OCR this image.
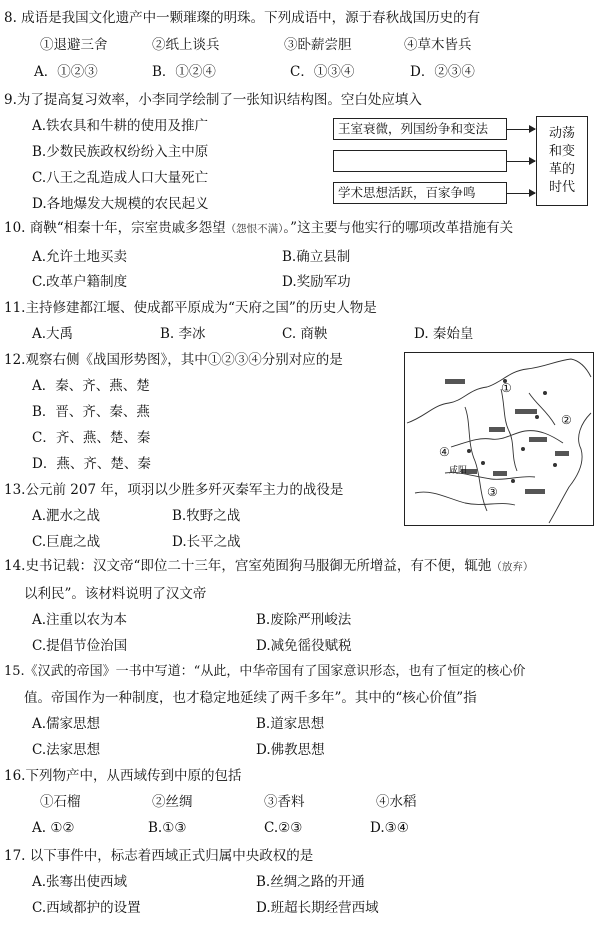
8. 成语是我国文化遗产中一颗璀璨的明珠。下列成语中，源于春秋战国历史的有
①退避三舍	②纸上谈兵	③卧薪尝胆	④草木皆兵
A．①②③	B．①②④	C．①③④	D．②③④
9.为了提高复习效率，小李同学绘制了一张知识结构图。空白处应填入
A.铁农具和牛耕的使用及推广
B.少数民族政权纷纷入主中原
C.八王之乱造成人口大量死亡
D.各地爆发大规模的农民起义
王室衰微，列国纷争和变法
学术思想活跃，百家争鸣
动荡
和变
革的
时代
10. 商鞅“相秦十年，宗室贵戚多怨望（怨恨不满）。”这主要与他实行的哪项改革措施有关
A.允许土地买卖	B.确立县制
C.改革户籍制度	D.奖励军功
11.主持修建都江堰、使成都平原成为“天府之国”的历史人物是
A.大禹	B. 李冰	C. 商鞅	D. 秦始皇
12.观察右侧《战国形势图》，其中①②③④分别对应的是
A．秦、齐、燕、楚
B．晋、齐、秦、燕
C．齐、燕、楚、秦
D．燕、齐、楚、秦
①
②
③
④
咸阳
13.公元前 207 年，项羽以少胜多歼灭秦军主力的战役是
A.淝水之战	B.牧野之战
C.巨鹿之战	D.长平之战
14.史书记载：汉文帝“即位二十三年，宫室苑囿狗马服御无所增益，有不便，辄弛（放弃）
以利民”。该材料说明了汉文帝
A.注重以农为本	B.废除严刑峻法
C.提倡节俭治国	D.减免徭役赋税
15.《汉武的帝国》一书中写道：“从此，中华帝国有了国家意识形态，也有了恒定的核心价
值。帝国作为一种制度，也才稳定地延续了两千多年”。其中的“核心价值”指
A.儒家思想	B.道家思想
C.法家思想	D.佛教思想
16.下列物产中，从西域传到中原的包括
①石榴	②丝绸	③香料	④水稻
A. ①②	B.①③	C.②③	D.③④
17. 以下事件中，标志着西域正式归属中央政权的是
A.张骞出使西域	B.丝绸之路的开通
C.西域都护的设置	D.班超长期经营西域
